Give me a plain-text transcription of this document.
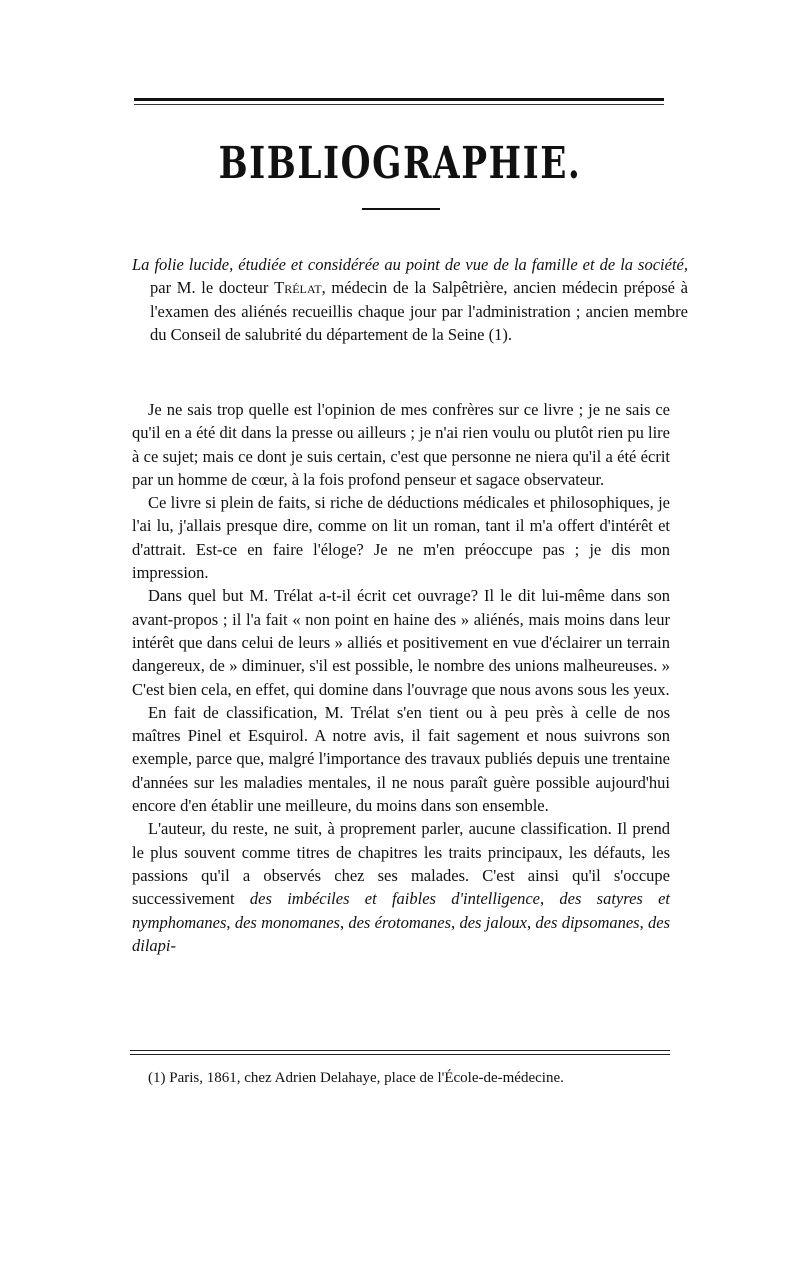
BIBLIOGRAPHIE.
La folie lucide, étudiée et considérée au point de vue de la famille et de la société, par M. le docteur Trélat, médecin de la Salpêtrière, ancien médecin préposé à l'examen des aliénés recueillis chaque jour par l'administration ; ancien membre du Conseil de salubrité du département de la Seine (1).

Je ne sais trop quelle est l'opinion de mes confrères sur ce livre ; je ne sais ce qu'il en a été dit dans la presse ou ailleurs ; je n'ai rien voulu ou plutôt rien pu lire à ce sujet; mais ce dont je suis certain, c'est que personne ne niera qu'il a été écrit par un homme de cœur, à la fois profond penseur et sagace observateur.

Ce livre si plein de faits, si riche de déductions médicales et philosophiques, je l'ai lu, j'allais presque dire, comme on lit un roman, tant il m'a offert d'intérêt et d'attrait. Est-ce en faire l'éloge? Je ne m'en préoccupe pas ; je dis mon impression.

Dans quel but M. Trélat a-t-il écrit cet ouvrage? Il le dit lui-même dans son avant-propos ; il l'a fait « non point en haine des » aliénés, mais moins dans leur intérêt que dans celui de leurs » alliés et positivement en vue d'éclairer un terrain dangereux, de » diminuer, s'il est possible, le nombre des unions malheureuses. » C'est bien cela, en effet, qui domine dans l'ouvrage que nous avons sous les yeux.

En fait de classification, M. Trélat s'en tient ou à peu près à celle de nos maîtres Pinel et Esquirol. A notre avis, il fait sagement et nous suivrons son exemple, parce que, malgré l'importance des travaux publiés depuis une trentaine d'années sur les maladies mentales, il ne nous paraît guère possible aujourd'hui encore d'en établir une meilleure, du moins dans son ensemble.

L'auteur, du reste, ne suit, à proprement parler, aucune classification. Il prend le plus souvent comme titres de chapitres les traits principaux, les défauts, les passions qu'il a observés chez ses malades. C'est ainsi qu'il s'occupe successivement des imbéciles et faibles d'intelligence, des satyres et nymphomanes, des monomanes, des érotomanes, des jaloux, des dipsomanes, des dilapi-

(1) Paris, 1861, chez Adrien Delahaye, place de l'École-de-médecine.
